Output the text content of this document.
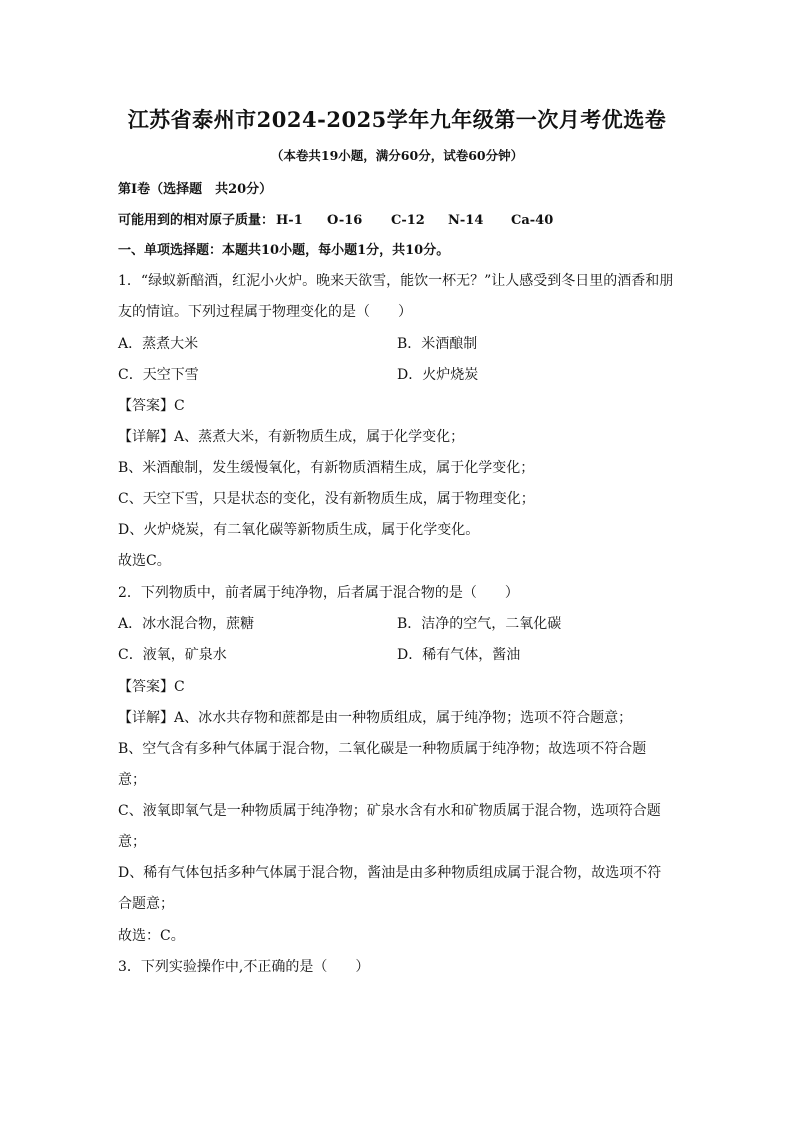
江苏省泰州市2024-2025学年九年级第一次月考优选卷
（本卷共19小题，满分60分，试卷60分钟）
第Ⅰ卷（选择题　共20分）
可能用到的相对原子质量： H-1 O-16 C-12 N-14 Ca-40
一、单项选择题：本题共10小题，每小题1分，共10分。
1．“绿蚁新醅酒，红泥小火炉。晚来天欲雪，能饮一杯无？”让人感受到冬日里的酒香和朋
友的情谊。下列过程属于物理变化的是（　　）
A．蒸煮大米	B．米酒酿制
C．天空下雪	D．火炉烧炭
【答案】C
【详解】A、蒸煮大米，有新物质生成，属于化学变化；
B、米酒酿制，发生缓慢氧化，有新物质酒精生成，属于化学变化；
C、天空下雪，只是状态的变化，没有新物质生成，属于物理变化；
D、火炉烧炭，有二氧化碳等新物质生成，属于化学变化。
故选C。
2．下列物质中，前者属于纯净物，后者属于混合物的是（　　）
A．冰水混合物，蔗糖	B．洁净的空气，二氧化碳
C．液氧，矿泉水	D．稀有气体，酱油
【答案】C
【详解】A、冰水共存物和蔗都是由一种物质组成，属于纯净物；选项不符合题意；
B、空气含有多种气体属于混合物，二氧化碳是一种物质属于纯净物；故选项不符合题
意；
C、液氧即氧气是一种物质属于纯净物；矿泉水含有水和矿物质属于混合物，选项符合题
意；
D、稀有气体包括多种气体属于混合物，酱油是由多种物质组成属于混合物，故选项不符
合题意；
故选：C。
3．下列实验操作中,不正确的是（　　）
